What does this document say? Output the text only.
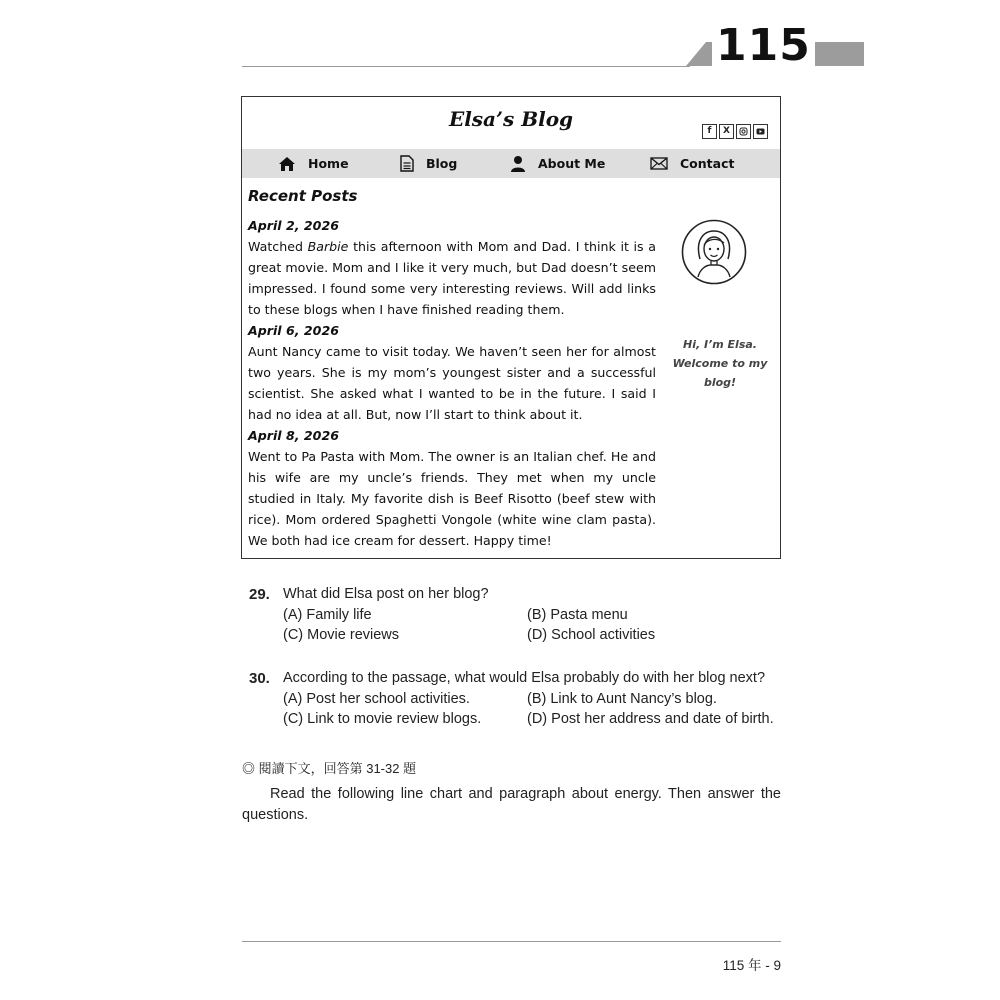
115
Elsa’s Blog	f	X
Home	Blog	About Me	Contact
Recent Posts
April 2, 2026
Watched Barbie this afternoon with Mom and Dad. I think it is a great movie. Mom and I like it very much, but Dad doesn’t seem impressed. I found some very interesting reviews. Will add links to these blogs when I have finished reading them.
April 6, 2026
Aunt Nancy came to visit today. We haven’t seen her for almost two years. She is my mom’s youngest sister and a successful scientist. She asked what I wanted to be in the future. I said I had no idea at all. But, now I’ll start to think about it.
April 8, 2026
Went to Pa Pasta with Mom. The owner is an Italian chef. He and his wife are my uncle’s friends. They met when my uncle studied in Italy. My favorite dish is Beef Risotto (beef stew with rice). Mom ordered Spaghetti Vongole (white wine clam pasta). We both had ice cream for dessert. Happy time!
Hi, I’m Elsa.
Welcome to my
blog!
29. What did Elsa post on her blog?
(A) Family life	(B) Pasta menu
(C) Movie reviews	(D) School activities
30. According to the passage, what would Elsa probably do with her blog next?
(A) Post her school activities.	(B) Link to Aunt Nancy’s blog.
(C) Link to movie review blogs.	(D) Post her address and date of birth.
◎ 閱讀下文，回答第 31-32 題
Read the following line chart and paragraph about energy. Then answer the questions.
115 年 - 9
